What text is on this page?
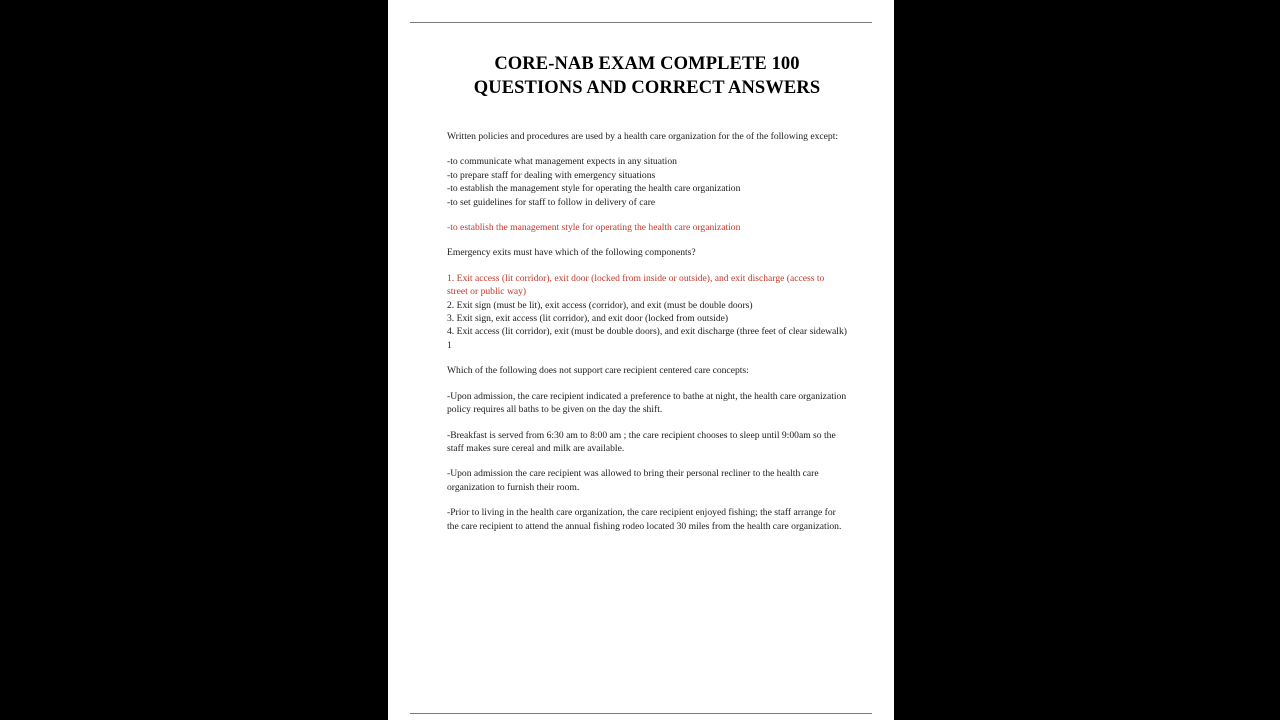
CORE-NAB EXAM COMPLETE 100
QUESTIONS AND CORRECT ANSWERS

Written policies and procedures are used by a health care organization for the of the following except:

-to communicate what management expects in any situation
-to prepare staff for dealing with emergency situations
-to establish the management style for operating the health care organization
-to set guidelines for staff to follow in delivery of care

-to establish the management style for operating the health care organization

Emergency exits must have which of the following components?

1. Exit access (lit corridor), exit door (locked from inside or outside), and exit discharge (access to street or public way)
2. Exit sign (must be lit), exit access (corridor), and exit (must be double doors)
3. Exit sign, exit access (lit corridor), and exit door (locked from outside)
4. Exit access (lit corridor), exit (must be double doors), and exit discharge (three feet of clear sidewalk)
1

Which of the following does not support care recipient centered care concepts:

-Upon admission, the care recipient indicated a preference to bathe at night, the health care organization policy requires all baths to be given on the day the shift.

-Breakfast is served from 6:30 am to 8:00 am ; the care recipient chooses to sleep until 9:00am so the staff makes sure cereal and milk are available.

-Upon admission the care recipient was allowed to bring their personal recliner to the health care organization to furnish their room.

-Prior to living in the health care organization, the care recipient enjoyed fishing; the staff arrange for the care recipient to attend the annual fishing rodeo located 30 miles from the health care organization.
